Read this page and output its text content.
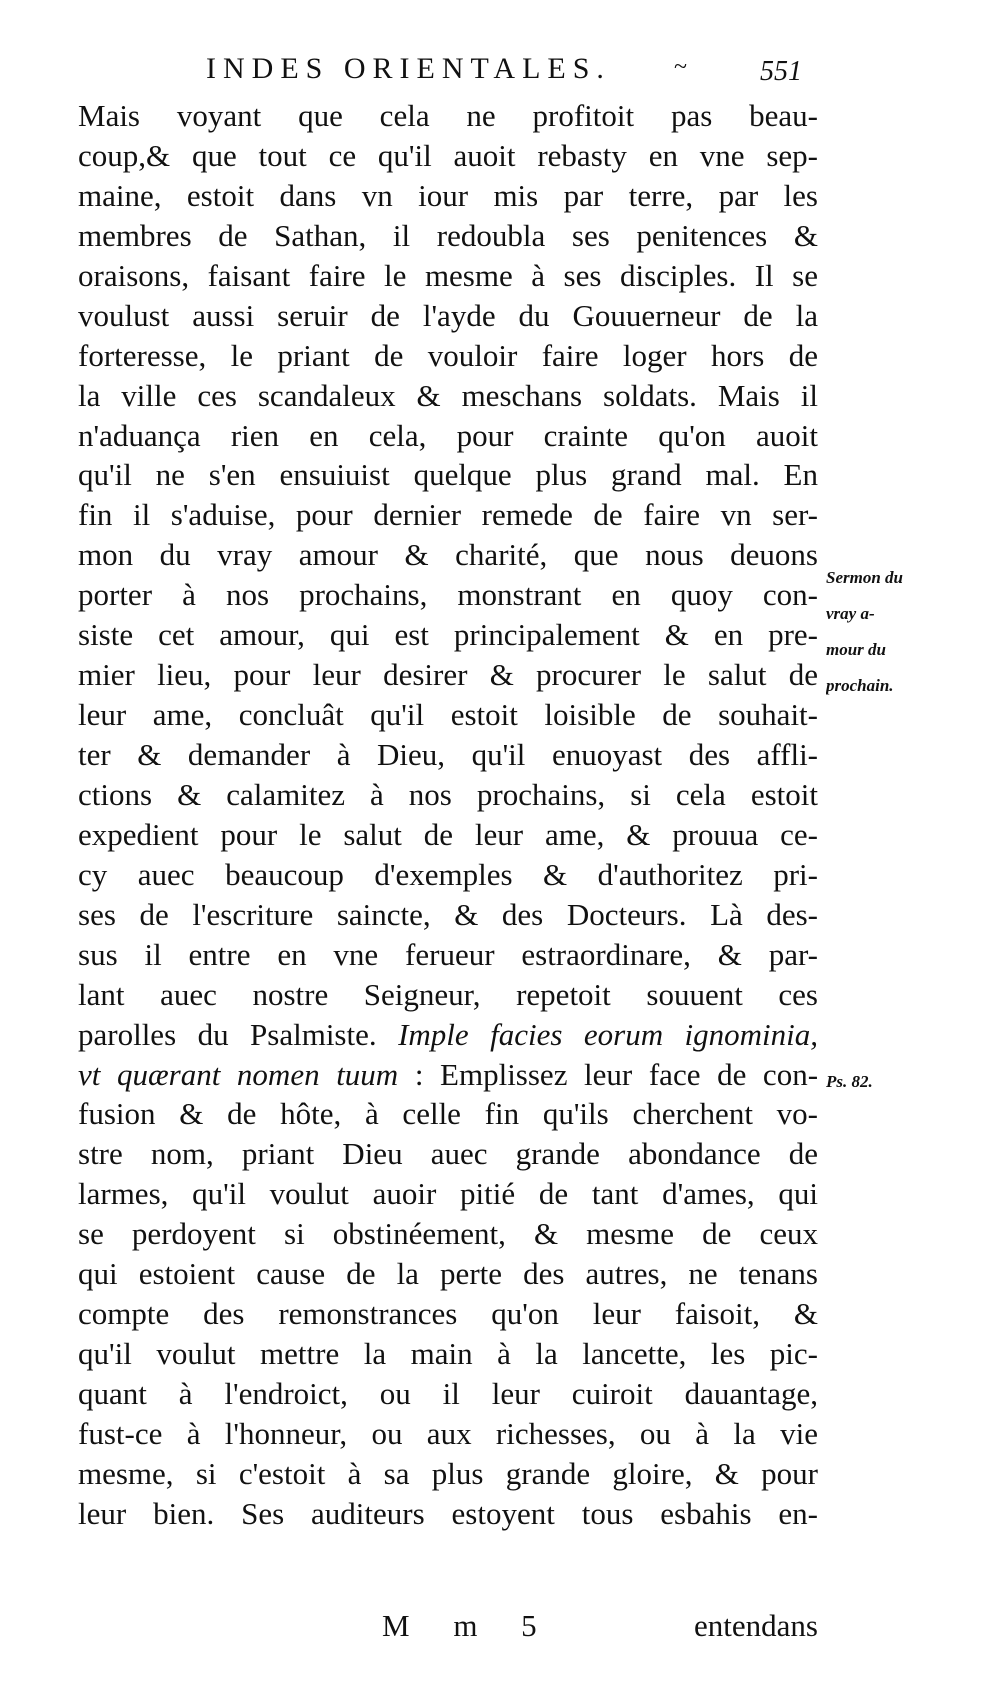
INDES ORIENTALES.	~	551
Mais voyant que cela ne profitoit pas beau-
coup,& que tout ce qu'il auoit rebasty en vne sep-
maine, estoit dans vn iour mis par terre, par les
membres de Sathan, il redoubla ses penitences &
oraisons, faisant faire le mesme à ses disciples. Il se
voulust aussi seruir de l'ayde du Gouuerneur de la
forteresse, le priant de vouloir faire loger hors de
la ville ces scandaleux & meschans soldats. Mais il
n'aduança rien en cela, pour crainte qu'on auoit
qu'il ne s'en ensuiuist quelque plus grand mal. En
fin il s'aduise, pour dernier remede de faire vn ser-
mon du vray amour & charité, que nous deuons
porter à nos prochains, monstrant en quoy con-
siste cet amour, qui est principalement & en pre-
mier lieu, pour leur desirer & procurer le salut de
leur ame, concluât qu'il estoit loisible de souhait-
ter & demander à Dieu, qu'il enuoyast des affli-
ctions & calamitez à nos prochains, si cela estoit
expedient pour le salut de leur ame, & prouua ce-
cy auec beaucoup d'exemples & d'authoritez pri-
ses de l'escriture saincte, & des Docteurs. Là des-
sus il entre en vne ferueur estraordinare, & par-
lant auec nostre Seigneur, repetoit souuent ces
parolles du Psalmiste. Imple facies eorum ignominia,
vt quærant nomen tuum : Emplissez leur face de con-
fusion & de hôte, à celle fin qu'ils cherchent vo-
stre nom, priant Dieu auec grande abondance de
larmes, qu'il voulut auoir pitié de tant d'ames, qui
se perdoyent si obstinéement, & mesme de ceux
qui estoient cause de la perte des autres, ne tenans
compte des remonstrances qu'on leur faisoit, &
qu'il voulut mettre la main à la lancette, les pic-
quant à l'endroict, ou il leur cuiroit dauantage,
fust-ce à l'honneur, ou aux richesses, ou à la vie
mesme, si c'estoit à sa plus grande gloire, & pour
leur bien. Ses auditeurs estoyent tous esbahis en-
Sermon du
vray a-
mour du
prochain.
Ps. 82.
M m 5	entendans
